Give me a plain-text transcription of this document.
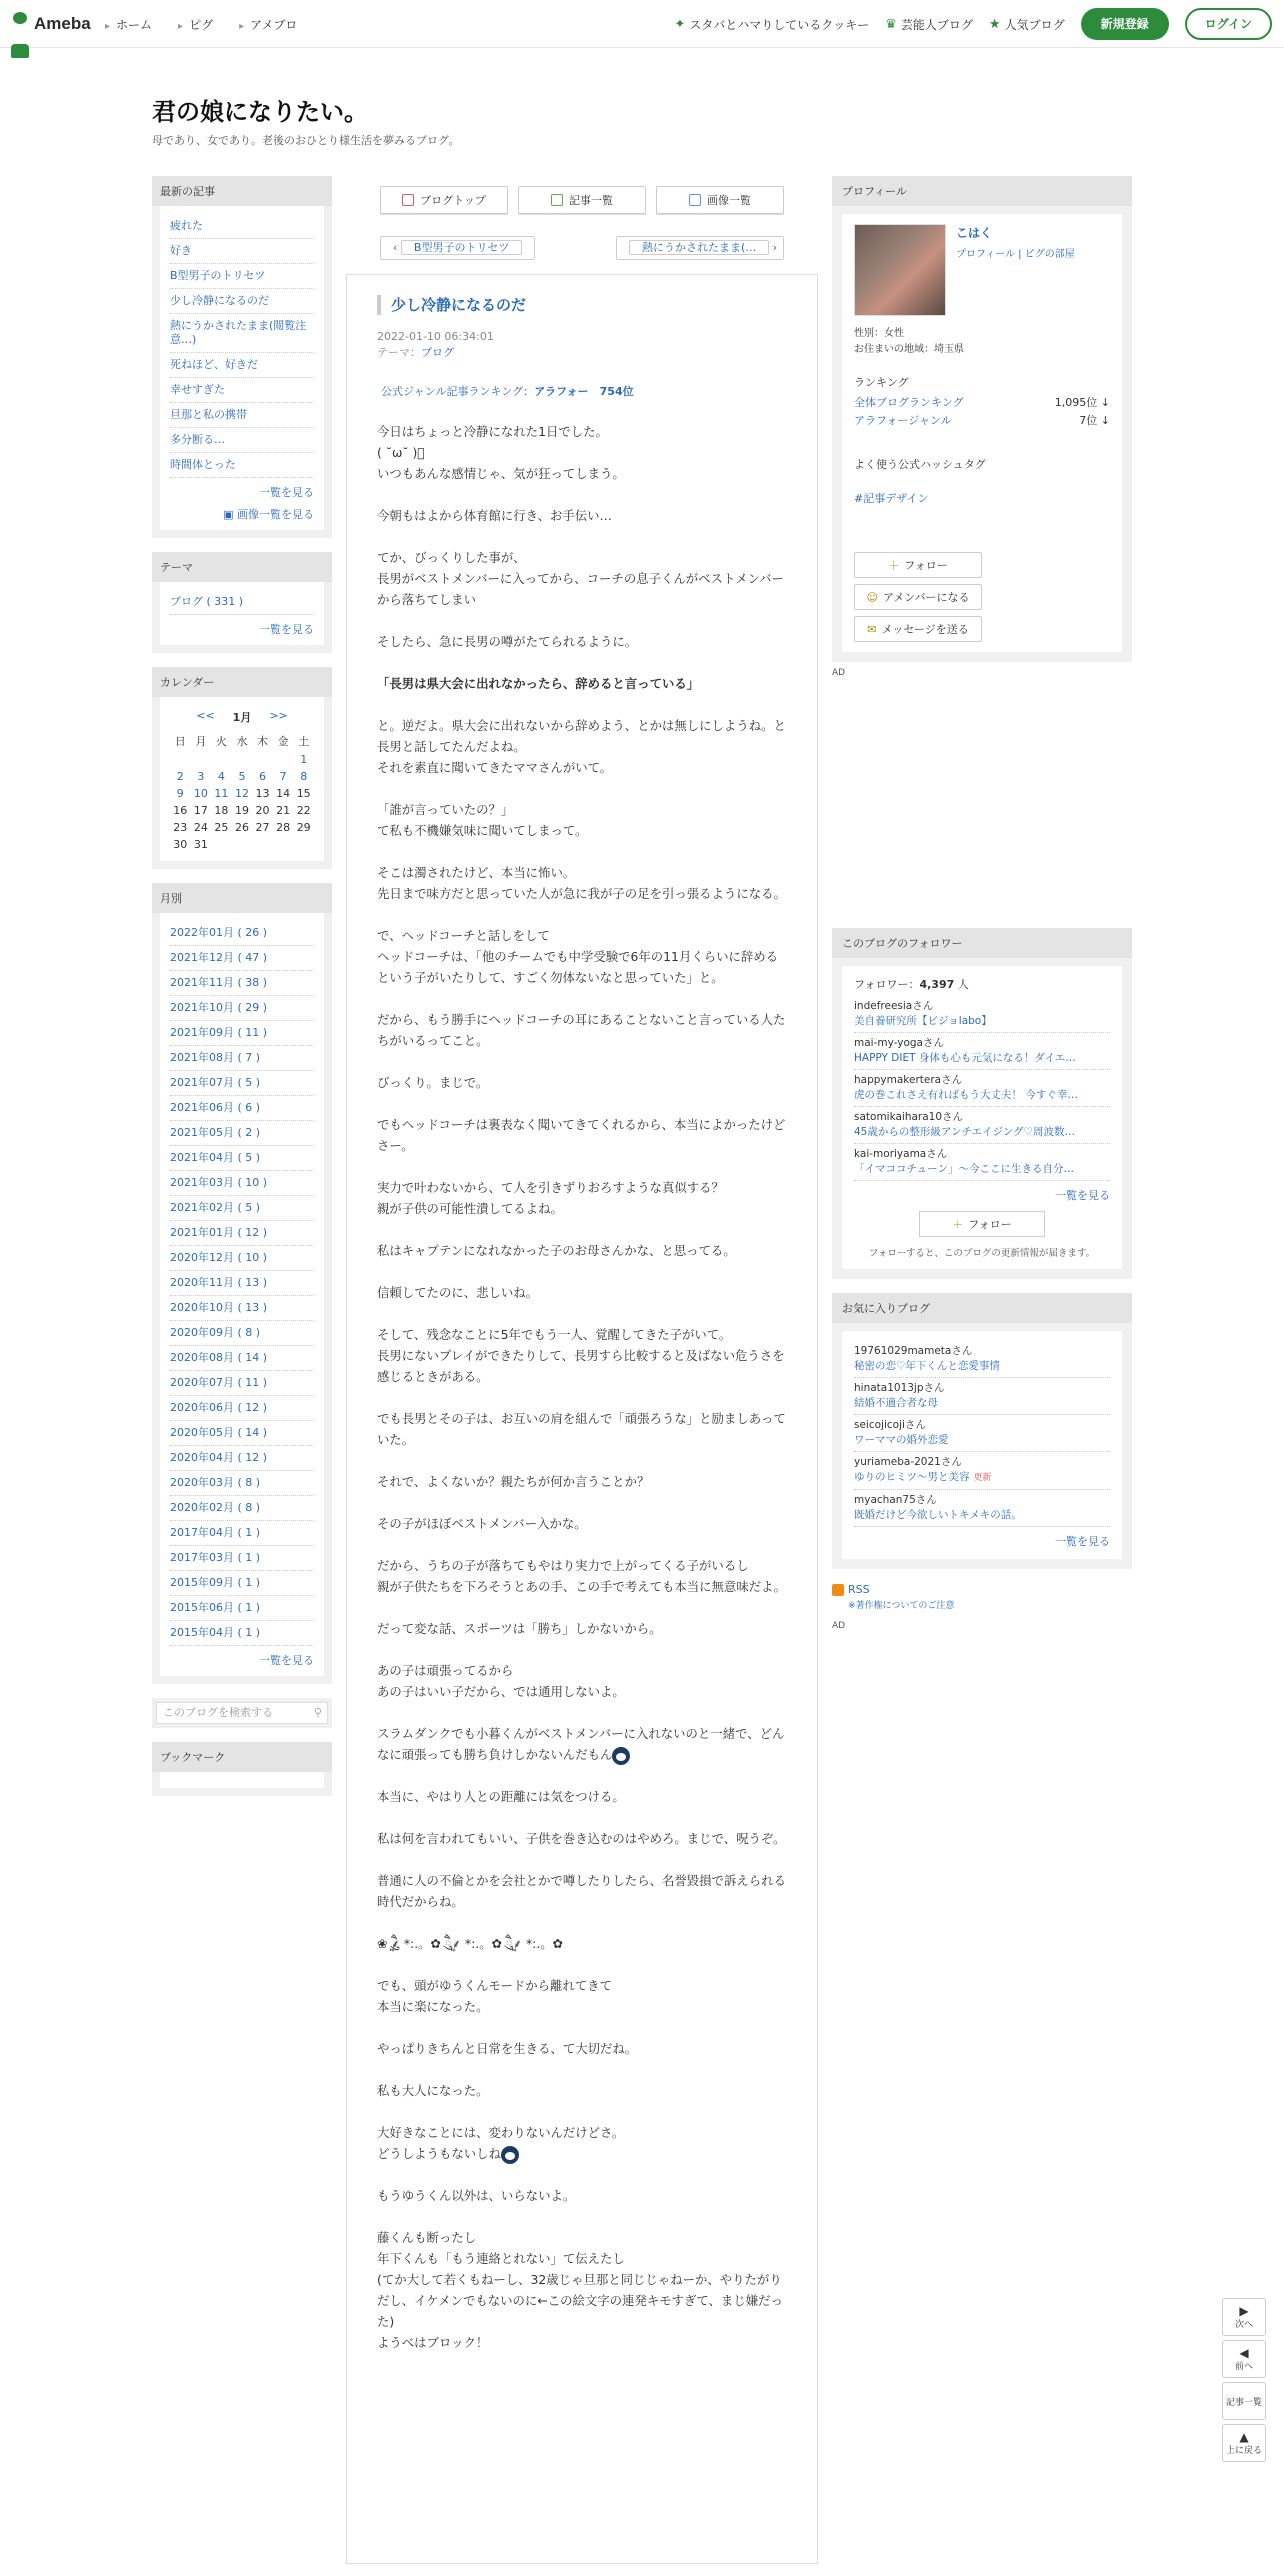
Ameba	▸ ホーム	▸ ピグ	▸ アメブロ	✦ スタバとハマりしているクッキー ♛ 芸能人ブログ ★ 人気ブログ	新規登録	ログイン
君の娘になりたい。
母であり、女であり。老後のおひとり様生活を夢みるブログ。
最新の記事
疲れた
好き
B型男子のトリセツ
少し冷静になるのだ
熱にうかされたまま(閲覧注意…)
死ねほど、好きだ
幸せすぎた
旦那と私の携帯
多分断る…
時間体とった
一覧を見る
▣ 画像一覧を見る
テーマ
ブログ ( 331 )
一覧を見る
カレンダー
<< 1月 >>
日	月	火	水	木	金	土
						1
2	3	4	5	6	7	8
9	10	11	12	13	14	15
16	17	18	19	20	21	22
23	24	25	26	27	28	29
30	31					
月別
2022年01月 ( 26 )
2021年12月 ( 47 )
2021年11月 ( 38 )
2021年10月 ( 29 )
2021年09月 ( 11 )
2021年08月 ( 7 )
2021年07月 ( 5 )
2021年06月 ( 6 )
2021年05月 ( 2 )
2021年04月 ( 5 )
2021年03月 ( 10 )
2021年02月 ( 5 )
2021年01月 ( 12 )
2020年12月 ( 10 )
2020年11月 ( 13 )
2020年10月 ( 13 )
2020年09月 ( 8 )
2020年08月 ( 14 )
2020年07月 ( 11 )
2020年06月 ( 12 )
2020年05月 ( 14 )
2020年04月 ( 12 )
2020年03月 ( 8 )
2020年02月 ( 8 )
2017年04月 ( 1 )
2017年03月 ( 1 )
2015年09月 ( 1 )
2015年06月 ( 1 )
2015年04月 ( 1 )
一覧を見る
このブログを検索する	⚲
ブックマーク
ブログトップ	記事一覧	画像一覧
‹ B型男子のトリセツ	熱にうかされたまま(… ›
少し冷静になるのだ
2022-01-10 06:34:01
テーマ：ブログ
公式ジャンル記事ランキング：アラフォー　754位

今日はちょっと冷静になれた1日でした。
( ˘ω˘ )ﾞ
いつもあんな感情じゃ、気が狂ってしまう。

今朝もはよから体育館に行き、お手伝い…

てか、びっくりした事が、
長男がベストメンバーに入ってから、コーチの息子くんがベストメンバーから落ちてしまい

そしたら、急に長男の噂がたてられるように。

「長男は県大会に出れなかったら、辞めると言っている」

と。逆だよ。県大会に出れないから辞めよう、とかは無しにしようね。と長男と話してたんだよね。
それを素直に聞いてきたママさんがいて。

「誰が言っていたの？」
て私も不機嫌気味に聞いてしまって。

そこは濁されたけど、本当に怖い。
先日まで味方だと思っていた人が急に我が子の足を引っ張るようになる。

で、ヘッドコーチと話しをして
ヘッドコーチは、「他のチームでも中学受験で6年の11月くらいに辞めるという子がいたりして、すごく勿体ないなと思っていた」と。

だから、もう勝手にヘッドコーチの耳にあることないこと言っている人たちがいるってこと。

びっくり。まじで。

でもヘッドコーチは裏表なく聞いてきてくれるから、本当によかったけどさー。

実力で叶わないから、て人を引きずりおろすような真似する？
親が子供の可能性潰してるよね。

私はキャプテンになれなかった子のお母さんかな、と思ってる。

信頼してたのに、悲しいね。

そして、残念なことに5年でもう一人、覚醒してきた子がいて。
長男にないプレイができたりして、長男すら比較すると及ばない危うさを感じるときがある。

でも長男とその子は、お互いの肩を組んで「頑張ろうな」と励ましあっていた。

それで、よくないか？親たちが何か言うことか？

その子がほぼベストメンバー入かな。

だから、うちの子が落ちてもやはり実力で上がってくる子がいるし
親が子供たちを下ろそうとあの手、この手で考えても本当に無意味だよ。

だって変な話、スポーツは「勝ち」しかないから。

あの子は頑張ってるから
あの子はいい子だから、では通用しないよ。

スラムダンクでも小暮くんがベストメンバーに入れないのと一緒で、どんなに頑張っても勝ち負けしかないんだもん

本当に、やはり人との距離には気をつける。

私は何を言われてもいい、子供を巻き込むのはやめろ。まじで、呪うぞ。

普通に人の不倫とかを会社とかで噂したりしたら、名誉毀損で訴えられる時代だからね。

❀ ཻུ۪۪⸙͎ *:.。✿ ཻུ۪۪⸙͎ *:.。✿ ཻུ۪۪⸙͎ *:.。✿

でも、頭がゆうくんモードから離れてきて
本当に楽になった。

やっぱりきちんと日常を生きる、て大切だね。

私も大人になった。

大好きなことには、変わりないんだけどさ。
どうしようもないしね

もうゆうくん以外は、いらないよ。

藤くんも断ったし
年下くんも「もう連絡とれない」て伝えたし
(てか大して若くもねーし、32歳じゃ旦那と同じじゃねーか、やりたがりだし、イケメンでもないのに←この絵文字の連発キモすぎて、まじ嫌だった)
ようべはブロック！

プロフィール
こはく
プロフィール | ピグの部屋
性別：女性
お住まいの地域：埼玉県
ランキング
全体ブログランキング	1,095位 ↓
アラフォージャンル	7位 ↓
よく使う公式ハッシュタグ
#記事デザイン
＋ フォロー
☺ アメンバーになる
✉ メッセージを送る
AD
このブログのフォロワー
フォロワー：4,397 人
indefreesiaさん
美自養研究所【ビジョlabo】
mai-my-yogaさん
HAPPY DIET 身体も心も元気になる！ダイエ…
happymakerteraさん
虎の巻これさえ有ればもう大丈夫！ 今すぐ幸…
satomikaihara10さん
45歳からの整形級アンチエイジング♡周波数…
kai-moriyamaさん
「イマココチューン」～今ここに生きる自分…
一覧を見る
＋ フォロー
フォローすると、このブログの更新情報が届きます。
お気に入りブログ
19761029mametaさん
秘密の恋♡年下くんと恋愛事情
hinata1013jpさん
結婚不適合者な母
seicojicojiさん
ワーママの婚外恋愛
yuriameba-2021さん
ゆりのヒミツ〜男と美容 更新
myachan75さん
既婚だけど今欲しいトキメキの話。
一覧を見る
RSS
※著作権についてのご注意
AD
▶
次へ
◀
前へ
記事一覧
▲
上に戻る
